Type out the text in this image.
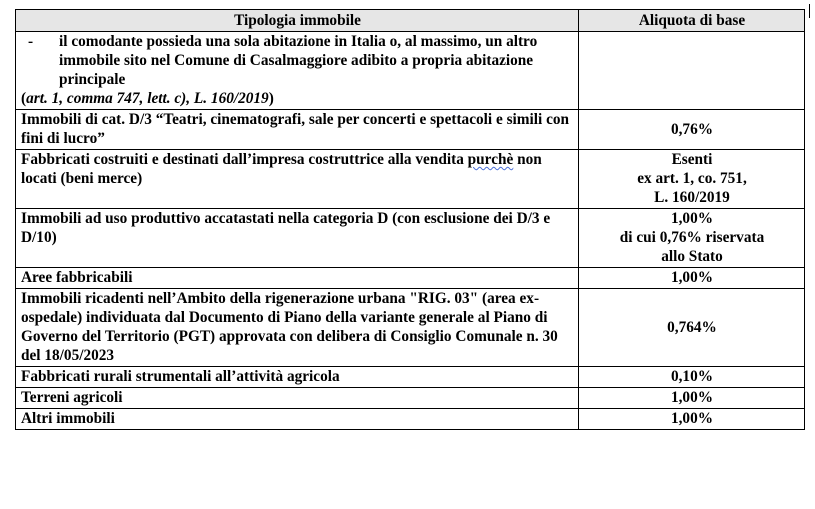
Tipologia immobile	Aliquota di base

- il comodante possieda una sola abitazione in Italia o, al massimo, un altro immobile sito nel Comune di Casalmaggiore adibito a propria abitazione principale
(art. 1, comma 747, lett. c), L. 160/2019)	

Immobili di cat. D/3 “Teatri, cinematografi, sale per concerti e spettacoli e simili con fini di lucro”	0,76%
Fabbricati costruiti e destinati dall’impresa costruttrice alla vendita purchè non locati (beni merce)	Esenti
ex art. 1, co. 751,
L. 160/2019

Immobili ad uso produttivo accatastati nella categoria D (con esclusione dei D/3 e D/10)	1,00%
di cui 0,76% riservata
allo Stato

Aree fabbricabili	1,00%
Immobili ricadenti nell’Ambito della rigenerazione urbana "RIG. 03" (area ex-ospedale) individuata dal Documento di Piano della variante generale al Piano di Governo del Territorio (PGT) approvata con delibera di Consiglio Comunale n. 30 del 18/05/2023	0,764%
Fabbricati rurali strumentali all’attività agricola	0,10%
Terreni agricoli	1,00%
Altri immobili	1,00%
